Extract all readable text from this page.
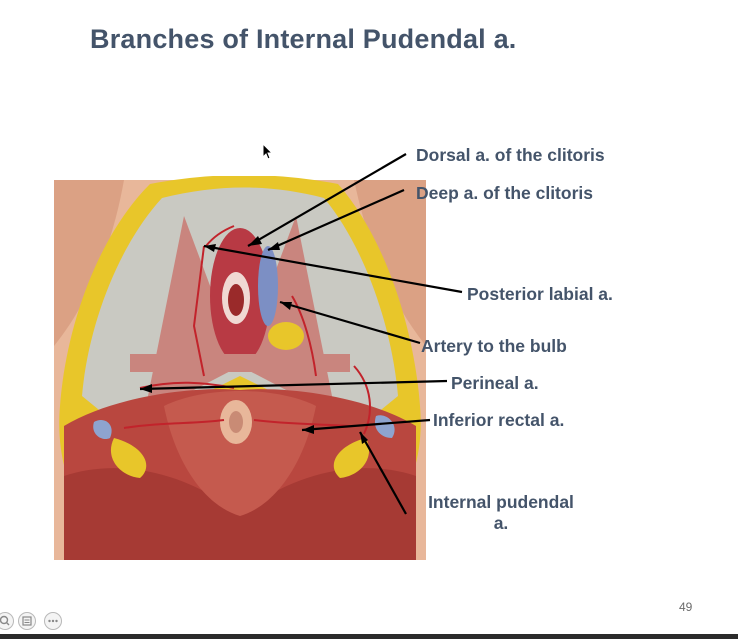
Branches of Internal Pudendal a.
Dorsal a. of the clitoris
Deep a. of the clitoris
Posterior labial a.
Artery to the bulb
Perineal a.
Inferior rectal a.
Internal pudendal
a.
49
